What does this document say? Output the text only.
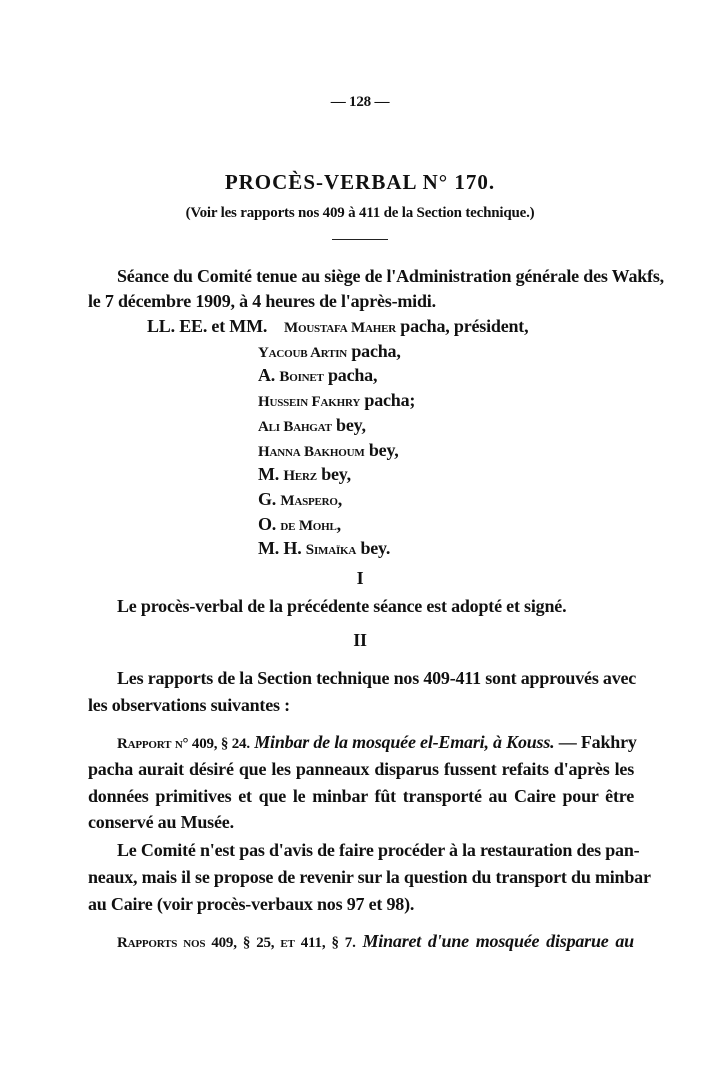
— 128 —
PROCÈS-VERBAL N° 170.
(Voir les rapports nos 409 à 411 de la Section technique.)
Séance du Comité tenue au siège de l'Administration générale des Wakfs,
le 7 décembre 1909, à 4 heures de l'après-midi.
LL. EE. et MM. Moustafa Maher pacha, président,
Yacoub Artin pacha,
A. Boinet pacha,
Hussein Fakhry pacha;
Ali Bahgat bey,
Hanna Bakhoum bey,
M. Herz bey,
G. Maspero,
O. de Mohl,
M. H. Simaïka bey.
I
Le procès-verbal de la précédente séance est adopté et signé.
II
Les rapports de la Section technique nos 409-411 sont approuvés avec
les observations suivantes :
Rapport n° 409, § 24. Minbar de la mosquée el-Emari, à Kouss. — Fakhry
pacha aurait désiré que les panneaux disparus fussent refaits d'après les
données primitives et que le minbar fût transporté au Caire pour être
conservé au Musée.
Le Comité n'est pas d'avis de faire procéder à la restauration des pan-
neaux, mais il se propose de revenir sur la question du transport du minbar
au Caire (voir procès-verbaux nos 97 et 98).
Rapports nos 409, § 25, et 411, § 7. Minaret d'une mosquée disparue au
